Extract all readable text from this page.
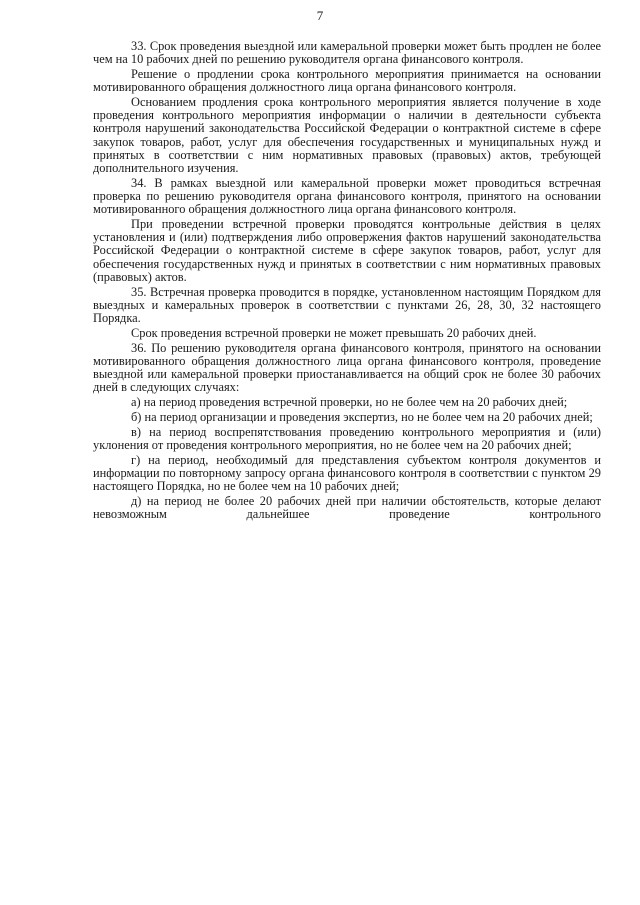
7

33. Срок проведения выездной или камеральной проверки может быть продлен не более чем на 10 рабочих дней по решению руководителя органа финансового контроля.

Решение о продлении срока контрольного мероприятия принимается на основании мотивированного обращения должностного лица органа финансового контроля.

Основанием продления срока контрольного мероприятия является получение в ходе проведения контрольного мероприятия информации о наличии в деятельности субъекта контроля нарушений законодательства Российской Федерации о контрактной системе в сфере закупок товаров, работ, услуг для обеспечения государственных и муниципальных нужд и принятых в соответствии с ним нормативных правовых (правовых) актов, требующей дополнительного изучения.

34. В рамках выездной или камеральной проверки может проводиться встречная проверка по решению руководителя органа финансового контроля, принятого на основании мотивированного обращения должностного лица органа финансового контроля.

При проведении встречной проверки проводятся контрольные действия в целях установления и (или) подтверждения либо опровержения фактов нарушений законодательства Российской Федерации о контрактной системе в сфере закупок товаров, работ, услуг для обеспечения государственных нужд и принятых в соответствии с ним нормативных правовых (правовых) актов.

35. Встречная проверка проводится в порядке, установленном настоящим Порядком для выездных и камеральных проверок в соответствии с пунктами 26, 28, 30, 32 настоящего Порядка.

Срок проведения встречной проверки не может превышать 20 рабочих дней.

36. По решению руководителя органа финансового контроля, принятого на основании мотивированного обращения должностного лица органа финансового контроля, проведение выездной или камеральной проверки приостанавливается на общий срок не более 30 рабочих дней в следующих случаях:

а) на период проведения встречной проверки, но не более чем на 20 рабочих дней;

б) на период организации и проведения экспертиз, но не более чем на 20 рабочих дней;

в) на период воспрепятствования проведению контрольного мероприятия и (или) уклонения от проведения контрольного мероприятия, но не более чем на 20 рабочих дней;

г) на период, необходимый для представления субъектом контроля документов и информации по повторному запросу органа финансового контроля в соответствии с пунктом 29 настоящего Порядка, но не более чем на 10 рабочих дней;

д) на период не более 20 рабочих дней при наличии обстоятельств, которые делают невозможным дальнейшее проведение контрольного
